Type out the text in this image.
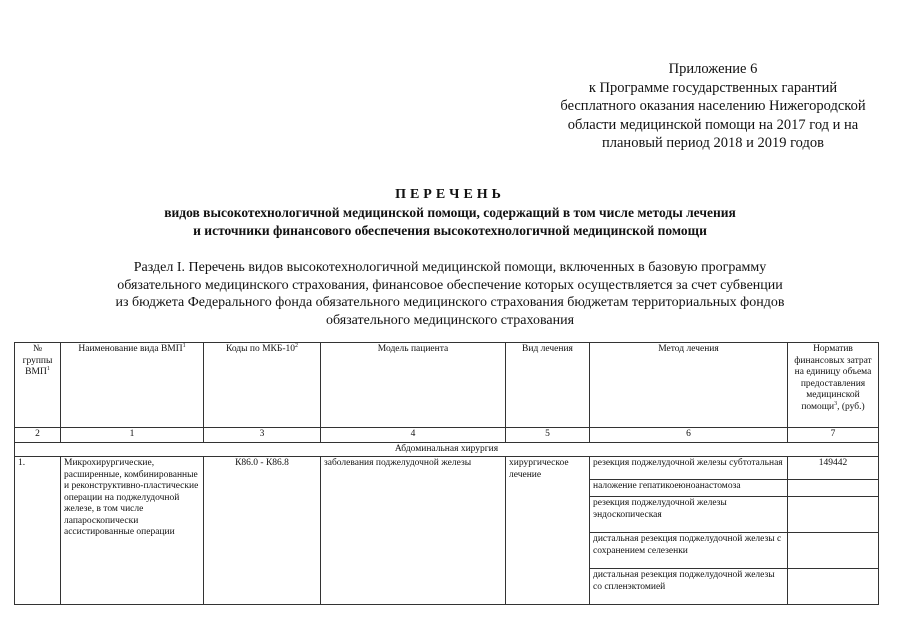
Приложение 6
к Программе государственных гарантий
бесплатного оказания населению Нижегородской
области медицинской помощи на 2017 год и на
плановый период 2018 и 2019 годов
ПЕРЕЧЕНЬ
видов высокотехнологичной медицинской помощи, содержащий в том числе методы лечения
и источники финансового обеспечения высокотехнологичной медицинской помощи
Раздел I. Перечень видов высокотехнологичной медицинской помощи, включенных в базовую программу
обязательного медицинского страхования, финансовое обеспечение которых осуществляется за счет субвенции
из бюджета Федерального фонда обязательного медицинского страхования бюджетам территориальных фондов
обязательного медицинского страхования
№ группы ВМП$^1$	Наименование вида ВМП$^1$	Коды по МКБ-$10^2$	Модель пациента	Вид лечения	Метод лечения	Норматив финансовых затрат на единицу объема предоставления медицинской помощи$^3$, (руб.)
2	1	3	4	5	6	7
Абдоминальная хирургия						
1.	Микрохирургические, расширенные, комбинированные и реконструктивно-пластические операции на поджелудочной железе, в том числе лапароскопически ассистированные операции	К86.0 - К86.8	заболевания поджелудочной железы	хирургическое лечение	резекция поджелудочной железы субтотальная	149442
					наложение гепатикоеюноанастомоза	
					резекция поджелудочной железы эндоскопическая	
					дистальная резекция поджелудочной железы с сохранением селезенки	
					дистальная резекция поджелудочной железы со спленэктомией	
